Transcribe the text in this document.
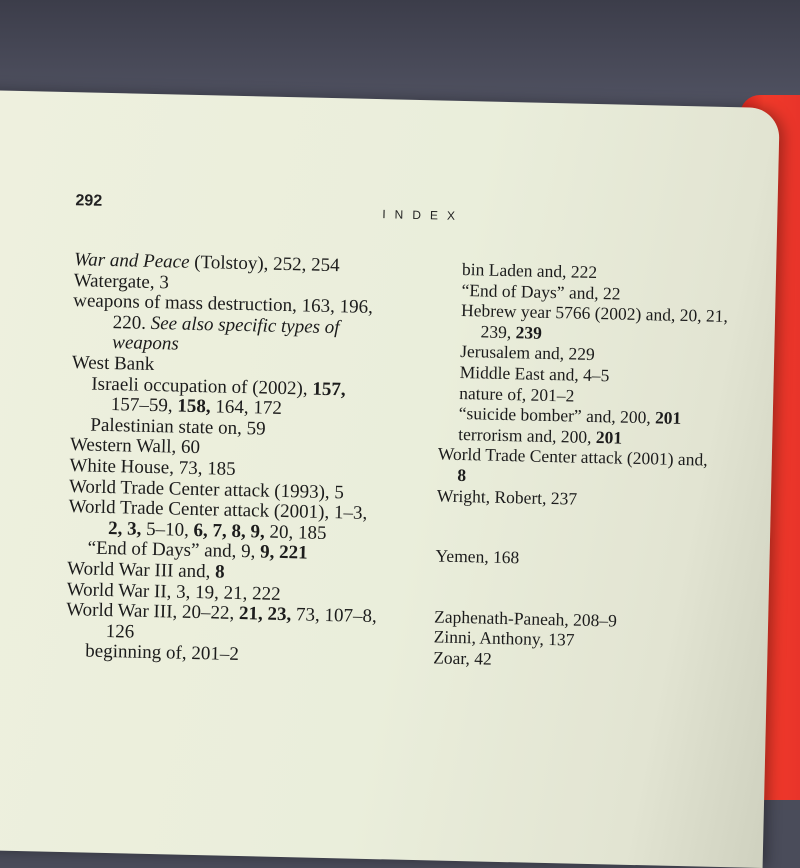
292
INDEX
War and Peace (Tolstoy), 252, 254
Watergate, 3
weapons of mass destruction, 163, 196,
220. See also specific types of
weapons
West Bank
Israeli occupation of (2002), 157,
157–59, 158, 164, 172
Palestinian state on, 59
Western Wall, 60
White House, 73, 185
World Trade Center attack (1993), 5
World Trade Center attack (2001), 1–3,
2, 3, 5–10, 6, 7, 8, 9, 20, 185
“End of Days” and, 9, 9, 221
World War III and, 8
World War II, 3, 19, 21, 222
World War III, 20–22, 21, 23, 73, 107–8,
126
beginning of, 201–2
bin Laden and, 222
“End of Days” and, 22
Hebrew year 5766 (2002) and, 20, 21,
239, 239
Jerusalem and, 229
Middle East and, 4–5
nature of, 201–2
“suicide bomber” and, 200, 201
terrorism and, 200, 201
World Trade Center attack (2001) and,
8
Wright, Robert, 237
Yemen, 168
Zaphenath-Paneah, 208–9
Zinni, Anthony, 137
Zoar, 42
